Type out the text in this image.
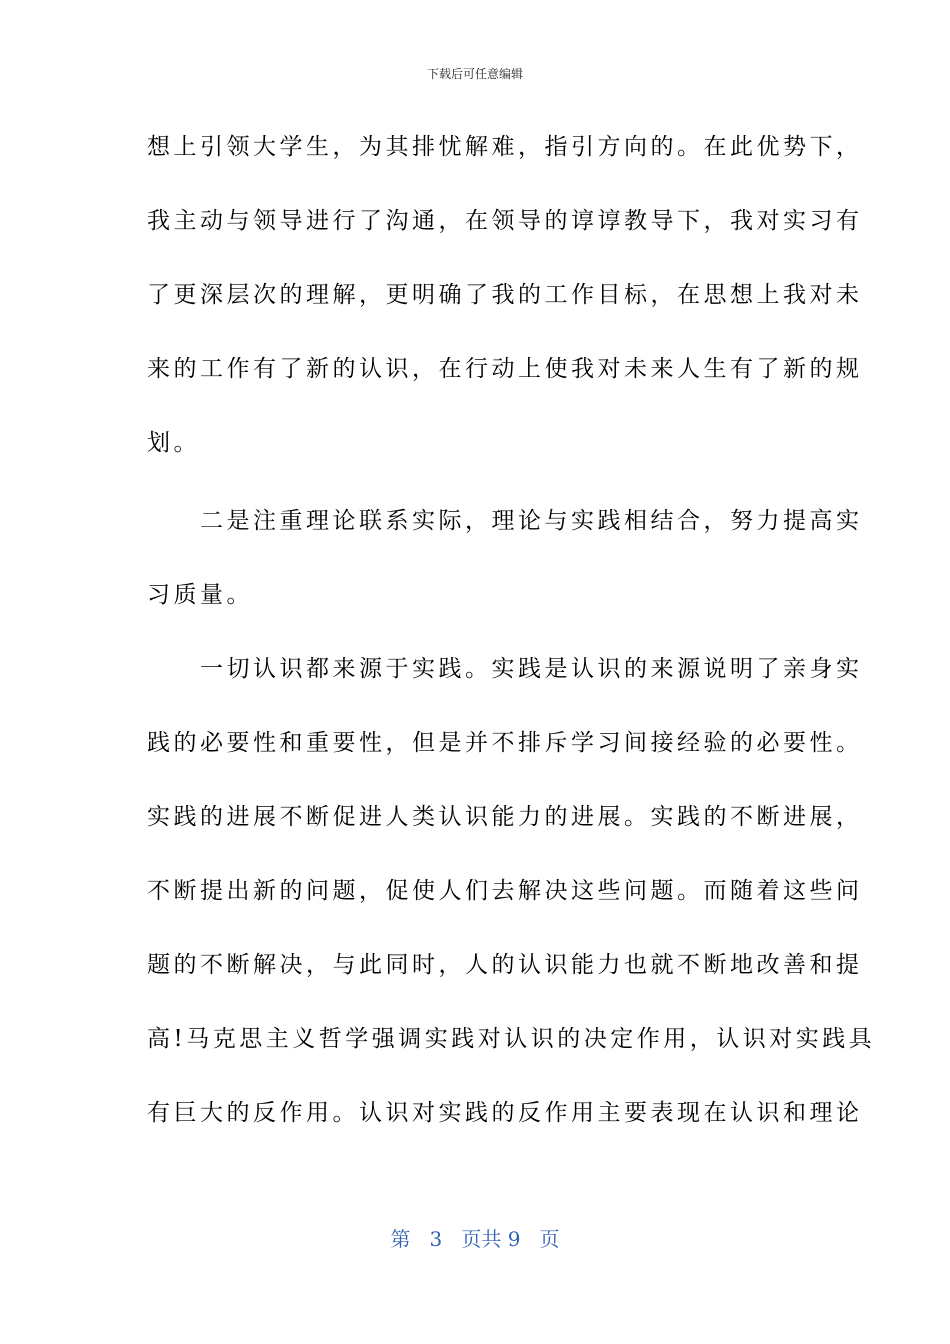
下载后可任意编辑
想上引领大学生，为其排忧解难，指引方向的。在此优势下，
我主动与领导进行了沟通，在领导的谆谆教导下，我对实习有
了更深层次的理解，更明确了我的工作目标，在思想上我对未
来的工作有了新的认识，在行动上使我对未来人生有了新的规
划。
　　二是注重理论联系实际，理论与实践相结合，努力提高实
习质量。
　　一切认识都来源于实践。实践是认识的来源说明了亲身实
践的必要性和重要性，但是并不排斥学习间接经验的必要性。
实践的进展不断促进人类认识能力的进展。实践的不断进展，
不断提出新的问题，促使人们去解决这些问题。而随着这些问
题的不断解决，与此同时，人的认识能力也就不断地改善和提
高!马克思主义哲学强调实践对认识的决定作用，认识对实践具
有巨大的反作用。认识对实践的反作用主要表现在认识和理论
第 3 页共 9 页
